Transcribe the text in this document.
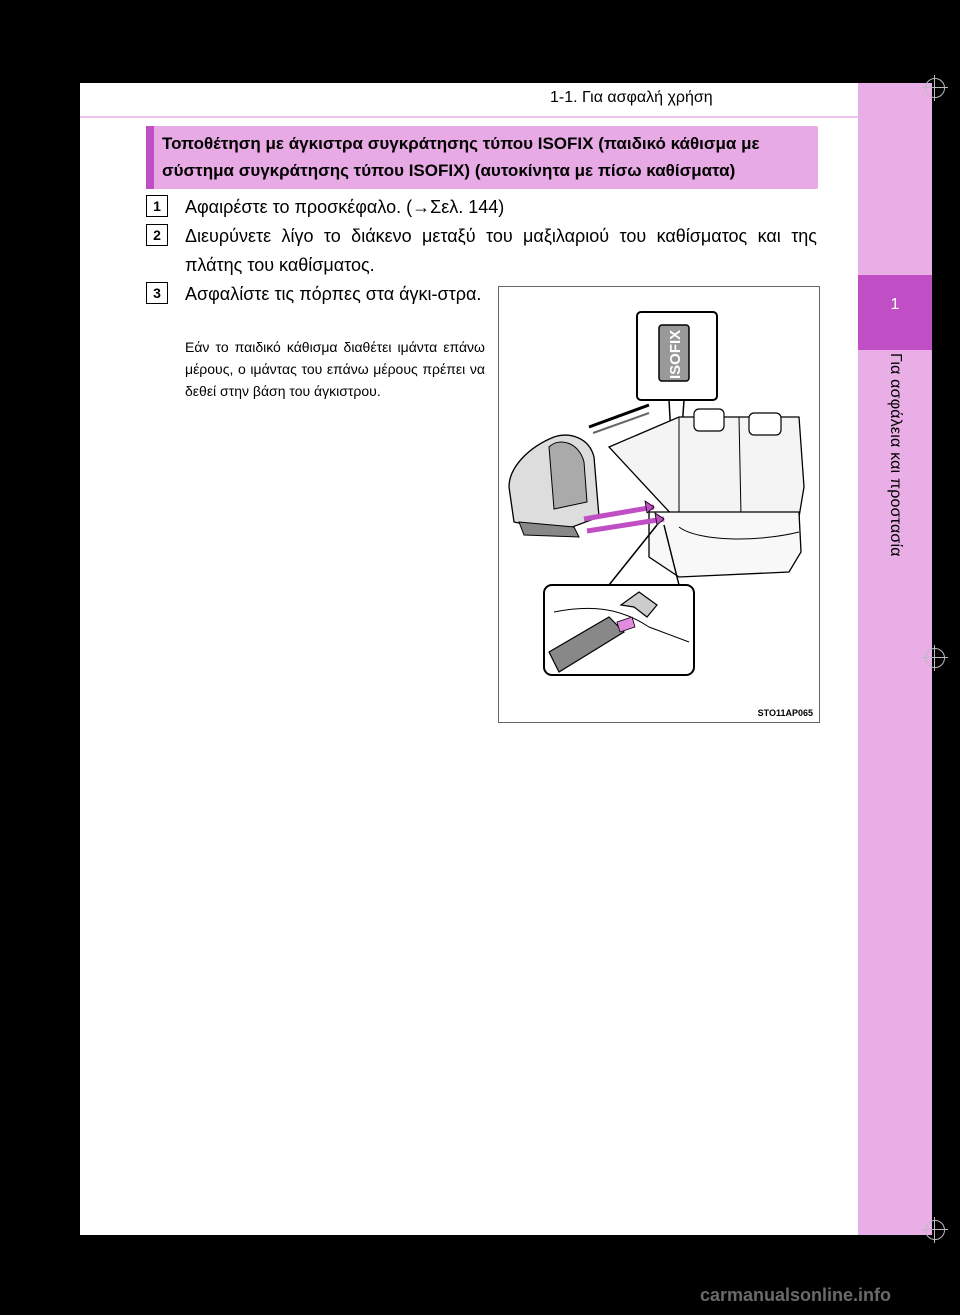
1-1. Για ασφαλή χρήση
Τοποθέτηση με άγκιστρα συγκράτησης τύπου ISOFIX (παιδικό κάθισμα με σύστημα συγκράτησης τύπου ISOFIX) (αυτοκίνητα με πίσω καθίσματα)
1	Αφαιρέστε το προσκέφαλο. (→Σελ. 144)
2	Διευρύνετε λίγο το διάκενο μεταξύ του μαξιλαριού του καθίσματος και της πλάτης του καθίσματος.
3	Ασφαλίστε τις πόρπες στα άγκι-στρα.
Εάν το παιδικό κάθισμα διαθέτει ιμάντα επάνω μέρους, ο ιμάντας του επάνω μέρους πρέπει να δεθεί στην βάση του άγκιστρου.
ISOFIX
STO11AP065
1
Για ασφάλεια και προστασία
carmanualsonline.info
